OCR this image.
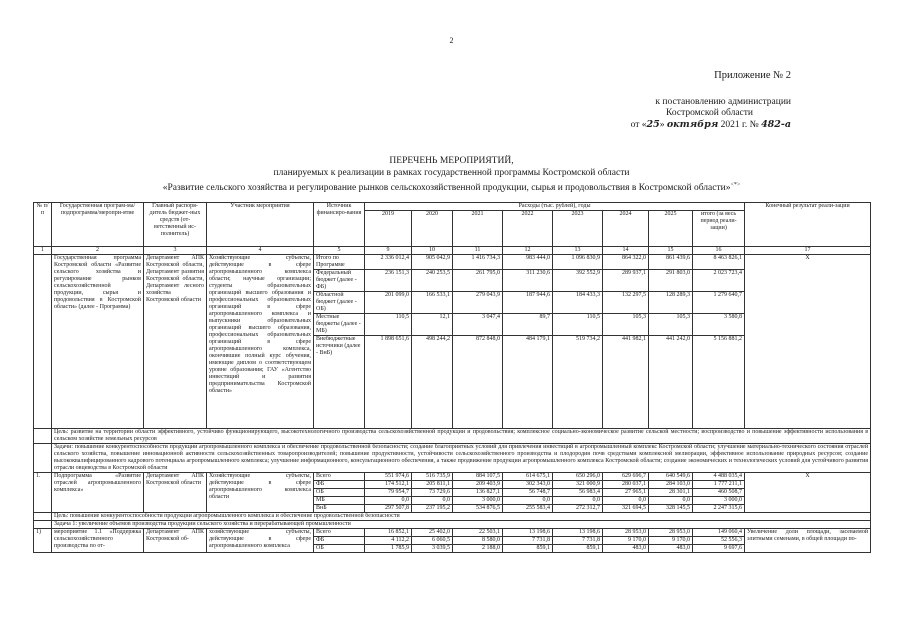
2
Приложение № 2
к постановлению администрации
Костромской области
от «25» октября 2021 г. № 482-а
ПЕРЕЧЕНЬ МЕРОПРИЯТИЙ,
планируемых к реализации в рамках государственной программы Костромской области
«Развитие сельского хозяйства и регулирование рынков сельскохозяйственной продукции, сырья и продовольствия в Костромской области»<*>
№ п/п	Государственная програм-ма/подпрограмма/меропри-ятие	Главный распоря-дитель бюджет-ных средств (от-ветственный ис-полнитель)	Участник мероприятия	Источник финансиро-вания	Расходы (тыс. рублей), годы								Конечный результат реали-зации
					2019	2020	2021	2022	2023	2024	2025	итого (за весь период реали-зации)	
1	2	3	4	5	9	10	11	12	13	14	15	16	17
	Государственная программа Костромской области «Развитие сельского хозяйства и регулирование рынков сельскохозяйственной продукции, сырья и продовольствия в Костромской области» (далее - Программа)	Департамент АПК Костромской области, Департамент развития Костромской области, Департамент лесного хозяйства Костромской области	Хозяйствующие субъекты, действующие в сфере агропромышленного комплекса области; научные организации; студенты образовательных организаций высшего образования и профессиональных образовательных организаций в сфере агропромышленного комплекса и выпускники образовательных организаций высшего образования, профессиональных образовательных организаций в сфере агропромышленного комплекса, окончившие полный курс обучения, имеющие диплом о соответствующем уровне образования; ГАУ «Агентство инвестиций и развития предпринимательства Костромской области»	Итого по Программе	2 336 012,4	905 042,9	1 416 734,3	983 444,0	1 096 830,9	864 322,0	861 439,6	8 463 826,1	Х
				Федеральный бюджет (далее - ФБ)	236 151,3	240 253,5	261 795,0	311 230,6	392 552,9	289 937,1	291 803,0	2 023 723,4	
				Областной бюджет (далее - ОБ)	201 099,0	166 533,1	279 043,9	187 944,6	184 433,3	132 297,5	128 289,3	1 279 640,7	
				Местные бюджеты (далее - МБ)	110,5	12,1	3 047,4	89,7	110,5	105,3	105,3	3 580,8	
				Внебюджетные источники (далее - ВнБ)	1 898 651,6	498 244,2	872 848,0	484 179,1	519 734,2	441 982,1	441 242,0	5 156 881,2	
	Цель: развитие на территории области эффективного, устойчиво функционирующего, высокотехнологичного производства сельскохозяйственной продукции и продовольствия; комплексное социально-экономическое развитие сельской местности; воспроизводство и повышение эффективности использования в сельском хозяйстве земельных ресурсов												
	Задачи: повышение конкурентоспособности продукции агропромышленного комплекса и обеспечение продовольственной безопасности; создание благоприятных условий для привлечения инвестиций в агропромышленный комплекс Костромской области; улучшение материально-технического состояния отраслей сельского хозяйства, повышение инновационной активности сельскохозяйственных товаропроизводителей; повышение продуктивности, устойчивости сельскохозяйственного производства и плодородия почв средствами комплексной мелиорации, эффективное использование природных ресурсов; создание высококвалифицированного кадрового потенциала агропромышленного комплекса; улучшение информационного, консультационного обеспечения, а также продвижение продукции агропромышленного комплекса Костромской области; создание экономических и технологических условий для устойчивого развития отрасли овцеводства в Костромской области												
1.	Подпрограмма «Развитие отраслей агропромышленного комплекса»	Департамент АПК Костромской области	Хозяйствующие субъекты, действующие в сфере агропромышленного комплекса области	Всего	551 974,6	516 735,9	884 107,5	614 675,1	650 296,0	629 696,7	640 549,6	4 488 035,4	Х
				ФБ	174 512,1	205 811,1	209 403,9	302 343,0	321 000,9	280 037,1	284 103,0	1 777 211,1	
				ОБ	79 954,7	73 729,6	136 827,1	56 748,7	56 983,4	27 965,1	28 301,1	460 508,7	
				МБ	0,0	0,0	3 000,0	0,0	0,0	0,0	0,0	3 000,0	
				ВнБ	297 507,8	237 195,2	534 876,5	255 583,4	272 312,7	321 694,5	328 145,5	2 247 315,6	
	Цель: повышение конкурентоспособности продукции агропромышленного комплекса и обеспечение продовольственной безопасности												
	Задача 1: увеличение объемов производства продукции сельского хозяйства и перерабатывающей промышленности												
1)	мероприятие 1.1 «Поддержка сельскохозяйственного производства по от-	Департамент АПК Костромской об-	хозяйствующие субъекты, действующие в сфере агропромышленного комплекса	Всего	16 852,1	25 402,0	22 503,1	13 198,6	13 198,6	28 953,0	28 953,0	149 060,4	Увеличение доли площади, засеваемой элитными семенами, в общей площади по-
				ФБ	4 112,2	6 060,5	8 580,0	7 731,8	7 731,8	9 170,0	9 170,0	52 556,3	
				ОБ	1 785,9	3 039,5	2 188,0	859,1	859,1	483,0	483,0	9 697,6	
